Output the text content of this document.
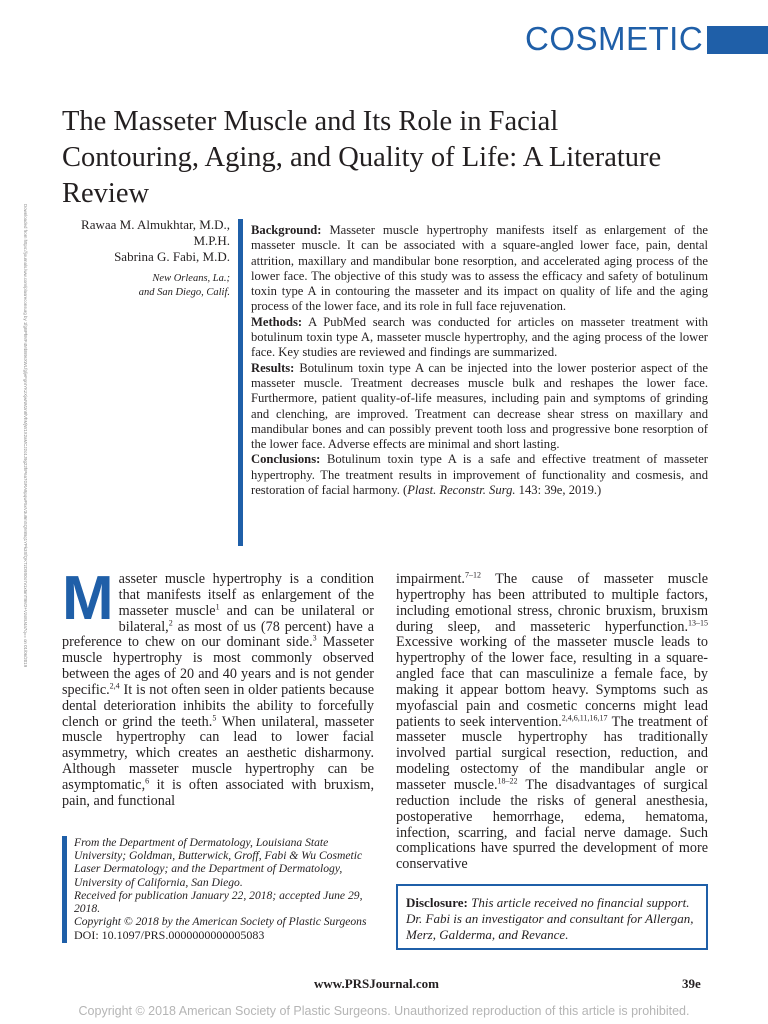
COSMETIC
Downloaded from https://journals.lww.com/plasreconsurg by 1fgBPhMF4MbB9sXWLfgljeFgnIYKzXjwNMzn8lVhMjW1X2aMCJ2o1J9g22hP6a7GRA8pqwF5xV3u9mSQMrBq1YPk3SfQKTzD9S0o7v1x5mTBM2+Vzs8U4a7q== on 01/06/2019
The Masseter Muscle and Its Role in Facial Contouring, Aging, and Quality of Life: A Literature Review
Rawaa M. Almukhtar, M.D.,
M.P.H.
Sabrina G. Fabi, M.D.
New Orleans, La.;
and San Diego, Calif.

Background: Masseter muscle hypertrophy manifests itself as enlargement of the masseter muscle. It can be associated with a square-angled lower face, pain, dental attrition, maxillary and mandibular bone resorption, and accelerated aging process of the lower face. The objective of this study was to assess the efficacy and safety of botulinum toxin type A in contouring the masseter and its impact on quality of life and the aging process of the lower face, and its role in full face rejuvenation.

Methods: A PubMed search was conducted for articles on masseter treatment with botulinum toxin type A, masseter muscle hypertrophy, and the aging process of the lower face. Key studies are reviewed and findings are summarized.

Results: Botulinum toxin type A can be injected into the lower posterior aspect of the masseter muscle. Treatment decreases muscle bulk and reshapes the lower face. Furthermore, patient quality-of-life measures, including pain and symptoms of grinding and clenching, are improved. Treatment can decrease shear stress on maxillary and mandibular bones and can possibly prevent tooth loss and progressive bone resorption of the lower face. Adverse effects are minimal and short lasting.

Conclusions: Botulinum toxin type A is a safe and effective treatment of masseter hypertrophy. The treatment results in improvement of functionality and cosmesis, and restoration of facial harmony. (Plast. Reconstr. Surg. 143: 39e, 2019.)

Masseter muscle hypertrophy is a condition that manifests itself as enlargement of the masseter muscle$^1$ and can be unilateral or bilateral,$^2$ as most of us (78 percent) have a preference to chew on our dominant side.$^3$ Masseter muscle hypertrophy is most commonly observed between the ages of 20 and 40 years and is not gender specific.$^{2,4}$ It is not often seen in older patients because dental deterioration inhibits the ability to forcefully clench or grind the teeth.$^5$ When unilateral, masseter muscle hypertrophy can lead to lower facial asymmetry, which creates an aesthetic disharmony. Although masseter muscle hypertrophy can be asymptomatic,$^6$ it is often associated with bruxism, pain, and functional
impairment.$^{7-12}$ The cause of masseter muscle hypertrophy has been attributed to multiple factors, including emotional stress, chronic bruxism, bruxism during sleep, and masseteric hyperfunction.$^{13-15}$ Excessive working of the masseter muscle leads to hypertrophy of the lower face, resulting in a square-angled face that can masculinize a female face, by making it appear bottom heavy. Symptoms such as myofascial pain and cosmetic concerns might lead patients to seek intervention.$^{2,4,6,11,16,17}$ The treatment of masseter muscle hypertrophy has traditionally involved partial surgical resection, reduction, and modeling ostectomy of the mandibular angle or masseter muscle.$^{18-22}$ The disadvantages of surgical reduction include the risks of general anesthesia, postoperative hemorrhage, edema, hematoma, infection, scarring, and facial nerve damage. Such complications have spurred the development of more conservative
From the Department of Dermatology, Louisiana State University; Goldman, Butterwick, Groff, Fabi & Wu Cosmetic Laser Dermatology; and the Department of Dermatology, University of California, San Diego.
Received for publication January 22, 2018; accepted June 29, 2018.
Copyright © 2018 by the American Society of Plastic Surgeons
DOI: 10.1097/PRS.0000000000005083
Disclosure: This article received no financial support. Dr. Fabi is an investigator and consultant for Allergan, Merz, Galderma, and Revance.
www.PRSJournal.com	39e
Copyright © 2018 American Society of Plastic Surgeons. Unauthorized reproduction of this article is prohibited.
